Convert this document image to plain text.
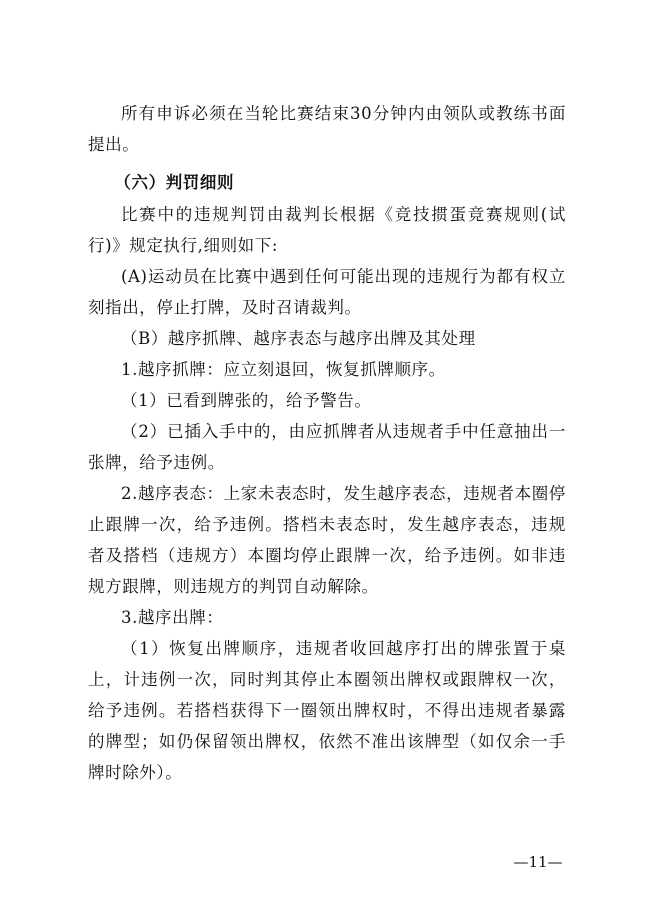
所有申诉必须在当轮比赛结束30分钟内由领队或教练书面提出。

（六）判罚细则

比赛中的违规判罚由裁判长根据《竞技掼蛋竞赛规则(试行)》规定执行,细则如下:

(A)运动员在比赛中遇到任何可能出现的违规行为都有权立刻指出，停止打牌，及时召请裁判。

（B）越序抓牌、越序表态与越序出牌及其处理

1.越序抓牌：应立刻退回，恢复抓牌顺序。

（1）已看到牌张的，给予警告。

（2）已插入手中的，由应抓牌者从违规者手中任意抽出一张牌，给予违例。

2.越序表态：上家未表态时，发生越序表态，违规者本圈停止跟牌一次，给予违例。搭档未表态时，发生越序表态，违规者及搭档（违规方）本圈均停止跟牌一次，给予违例。如非违规方跟牌，则违规方的判罚自动解除。

3.越序出牌：

（1）恢复出牌顺序，违规者收回越序打出的牌张置于桌上，计违例一次，同时判其停止本圈领出牌权或跟牌权一次，给予违例。若搭档获得下一圈领出牌权时，不得出违规者暴露的牌型；如仍保留领出牌权，依然不准出该牌型（如仅余一手牌时除外）。

—11—
